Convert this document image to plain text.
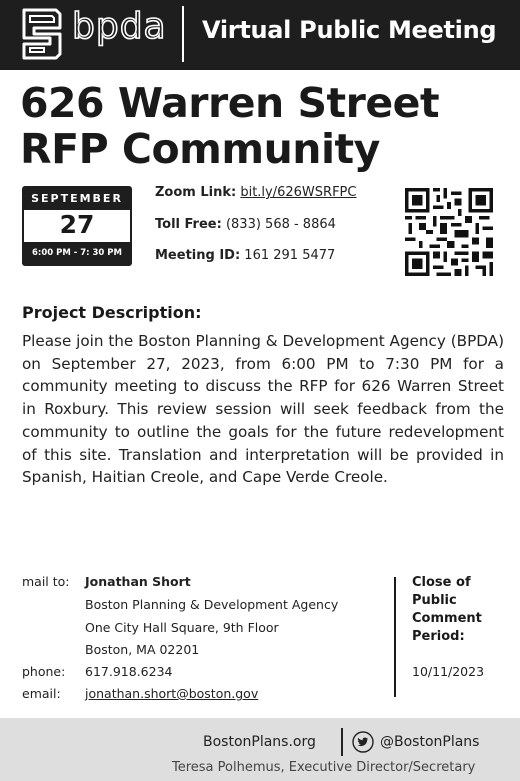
bpda Virtual Public Meeting
626 Warren Street
RFP Community
SEPTEMBER
27
6:00 PM - 7: 30 PM
Zoom Link: bit.ly/626WSRFPC
Toll Free: (833) 568 - 8864
Meeting ID: 161 291 5477
Project Description:
Please join the Boston Planning & Development Agency (BPDA) on September 27, 2023, from 6:00 PM to 7:30 PM for a community meeting to discuss the RFP for 626 Warren Street in Roxbury. This review session will seek feedback from the community to outline the goals for the future redevelopment of this site. Translation and interpretation will be provided in Spanish, Haitian Creole, and Cape Verde Creole.
mail to: Jonathan Short
Boston Planning & Development Agency
One City Hall Square, 9th Floor
Boston, MA 02201
phone: 617.918.6234
email: jonathan.short@boston.gov
Close of Public Comment Period:
10/11/2023
BostonPlans.org	@BostonPlans
Teresa Polhemus, Executive Director/Secretary
